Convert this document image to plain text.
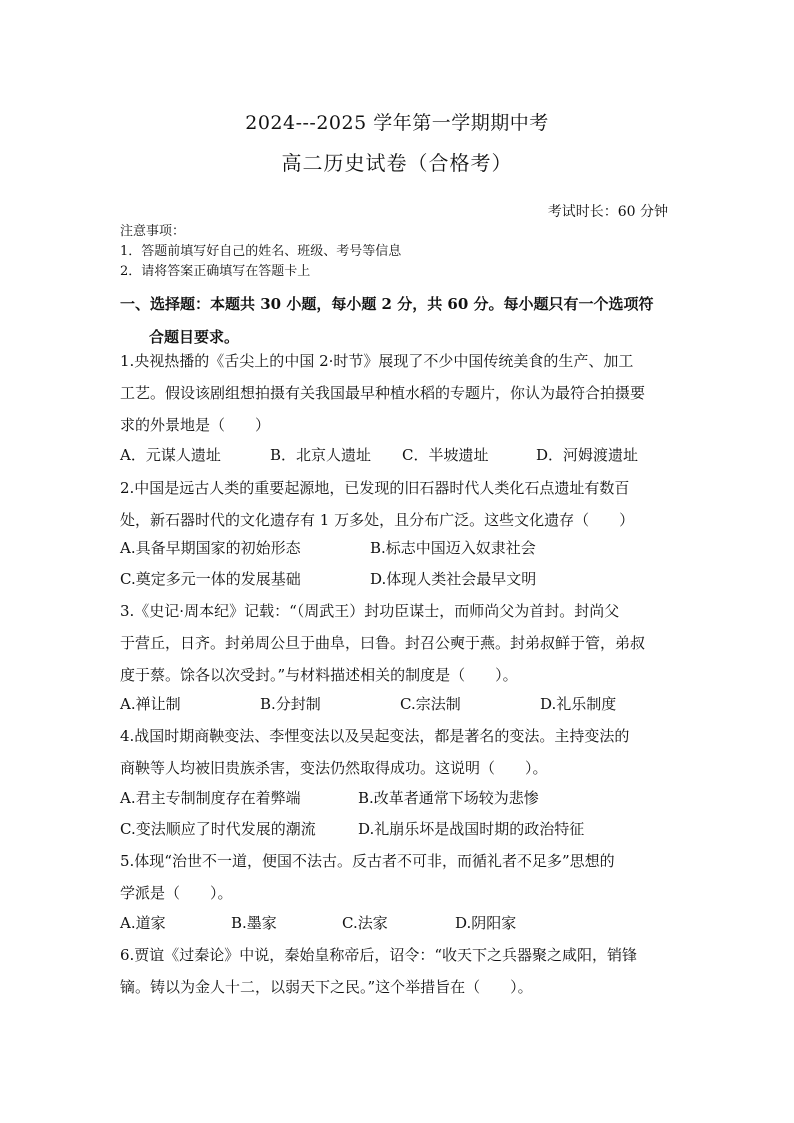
2024---2025 学年第一学期期中考
高二历史试卷（合格考）
考试时长：60 分钟
注意事项：
1．答题前填写好自己的姓名、班级、考号等信息
2．请将答案正确填写在答题卡上
一、选择题：本题共 30 小题，每小题 2 分，共 60 分。每小题只有一个选项符
合题目要求。
1.央视热播的《舌尖上的中国 2·时节》展现了不少中国传统美食的生产、加工
工艺。假设该剧组想拍摄有关我国最早种植水稻的专题片，你认为最符合拍摄要
求的外景地是（　　）
A．元谋人遗址	B．北京人遗址 C．半坡遗址	D．河姆渡遗址
2.中国是远古人类的重要起源地，已发现的旧石器时代人类化石点遗址有数百
处，新石器时代的文化遗存有 1 万多处，且分布广泛。这些文化遗存（　　）
A.具备早期国家的初始形态	B.标志中国迈入奴隶社会
C.奠定多元一体的发展基础	D.体现人类社会最早文明
3.《史记·周本纪》记载：“（周武王）封功臣谋士，而师尚父为首封。封尚父
于营丘，日齐。封弟周公旦于曲阜，曰鲁。封召公奭于燕。封弟叔鲜于管，弟叔
度于蔡。馀各以次受封。”与材料描述相关的制度是（　　）。
A.禅让制	B.分封制	C.宗法制	D.礼乐制度
4.战国时期商鞅变法、李悝变法以及吴起变法，都是著名的变法。主持变法的
商鞅等人均被旧贵族杀害，变法仍然取得成功。这说明（　　）。
A.君主专制制度存在着弊端	B.改革者通常下场较为悲惨
C.变法顺应了时代发展的潮流	D.礼崩乐坏是战国时期的政治特征
5.体现“治世不一道，便国不法古。反古者不可非，而循礼者不足多”思想的
学派是（　　）。
A.道家	B.墨家	C.法家	D.阴阳家
6.贾谊《过秦论》中说，秦始皇称帝后，诏令：“收天下之兵器聚之咸阳，销锋
镝。铸以为金人十二，以弱天下之民。”这个举措旨在（　　）。
